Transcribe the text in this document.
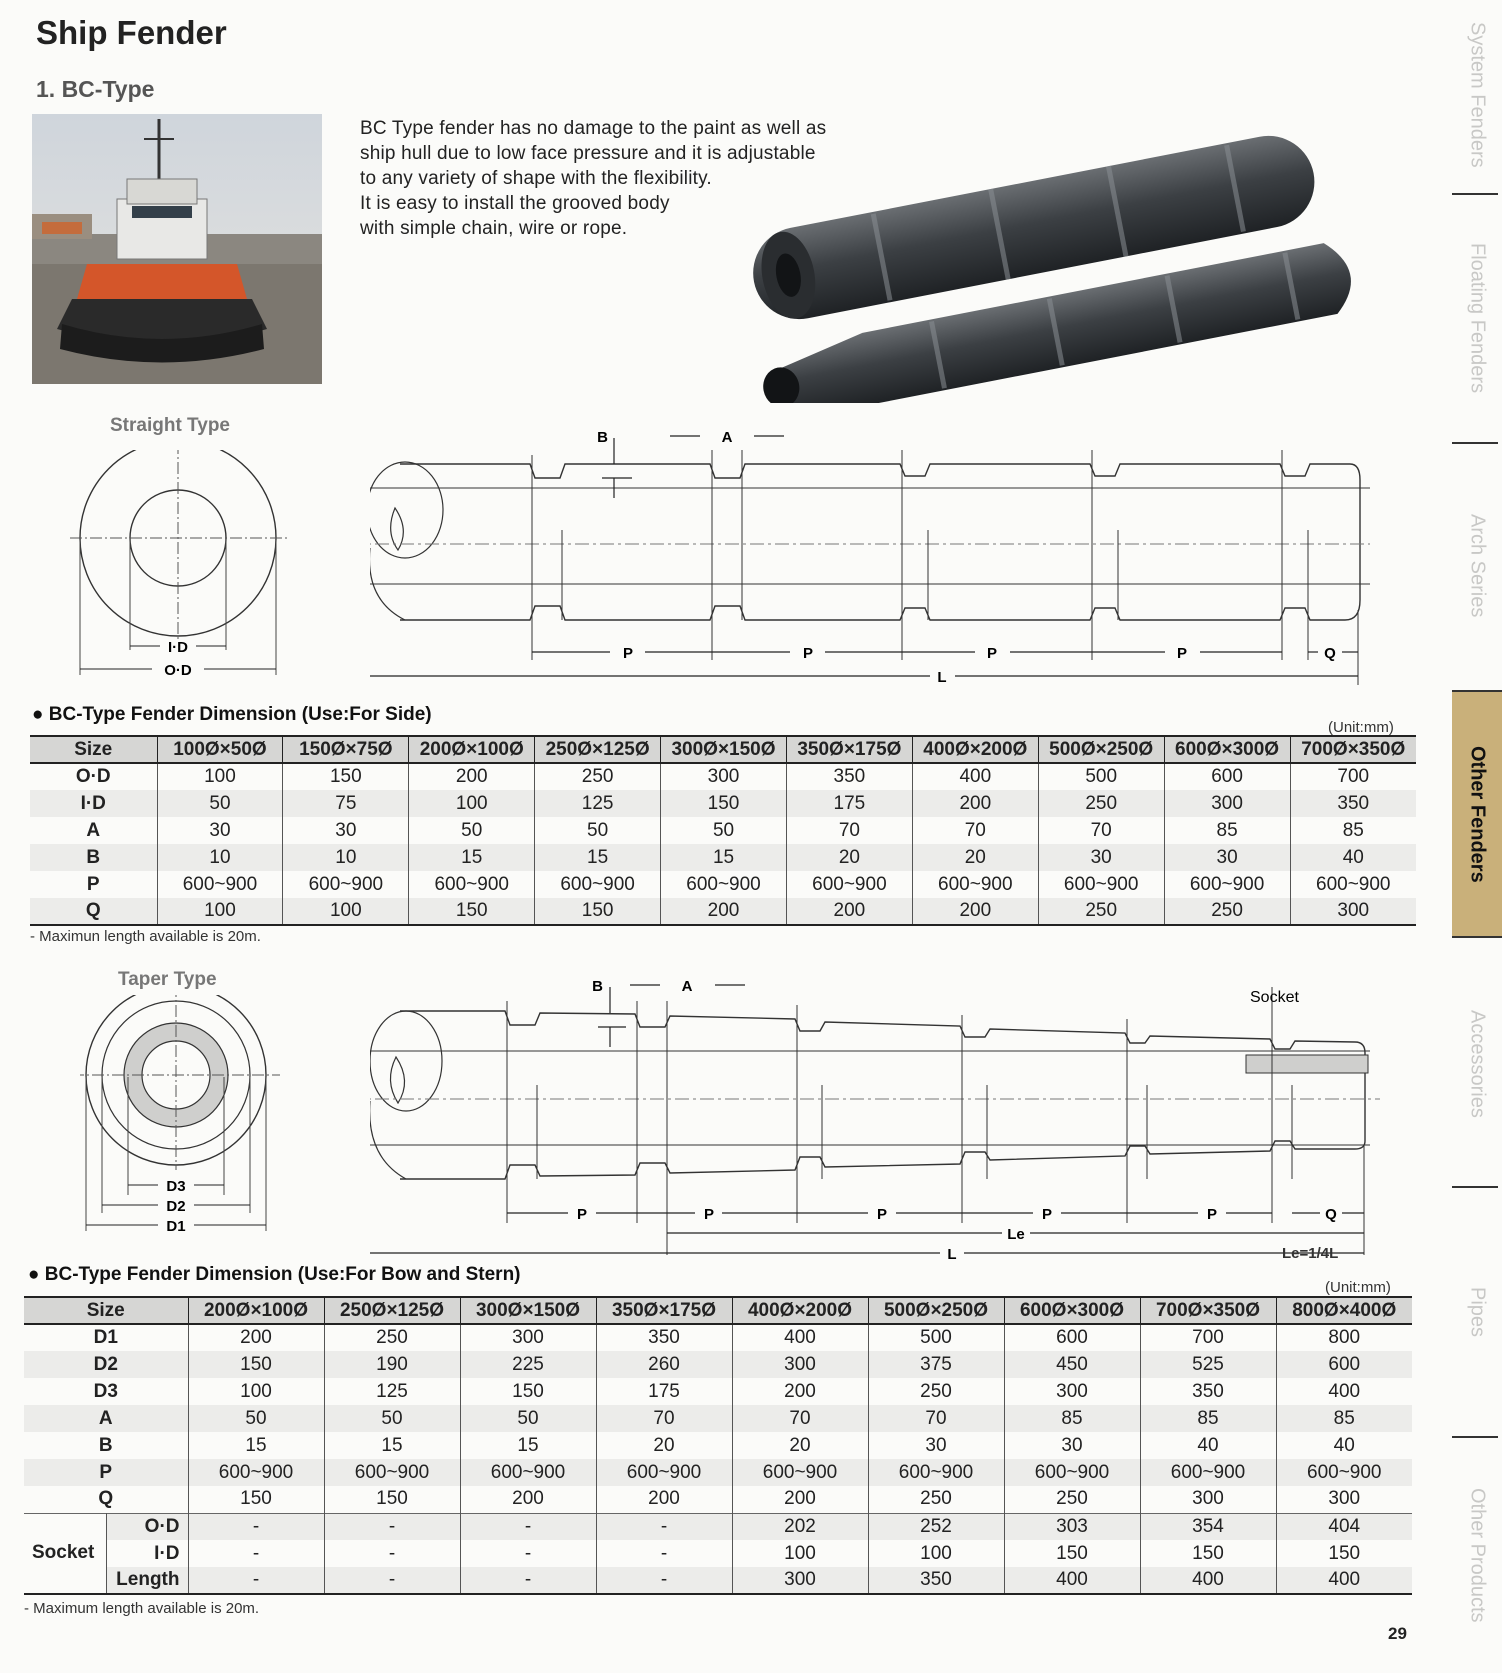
Ship Fender
1. BC-Type

BC Type fender has no damage to the paint as well as

ship hull due to low face pressure and it is adjustable

to any variety of shape with the flexibility.

It is easy to install the grooved body

with simple chain, wire or rope.

Straight Type
I·D
O·D
P	P	P	P	Q
L
A
B
● BC-Type Fender Dimension (Use:For Side)
(Unit:mm)
Size	100Ø×50Ø	150Ø×75Ø	200Ø×100Ø	250Ø×125Ø	300Ø×150Ø	350Ø×175Ø	400Ø×200Ø	500Ø×250Ø	600Ø×300Ø	700Ø×350Ø
O·D	100	150	200	250	300	350	400	500	600	700
I·D	50	75	100	125	150	175	200	250	300	350
A	30	30	50	50	50	70	70	70	85	85
B	10	10	15	15	15	20	20	30	30	40
P	600~900	600~900	600~900	600~900	600~900	600~900	600~900	600~900	600~900	600~900
Q	100	100	150	150	200	200	200	250	250	300
- Maximun length available is 20m.
Taper Type
D3
D2
D1
P	P	P	P	P	Q
Le
L
A
B
Socket
Le=1/4L
● BC-Type Fender Dimension (Use:For Bow and Stern)
(Unit:mm)
Size		200Ø×100Ø	250Ø×125Ø	300Ø×150Ø	350Ø×175Ø	400Ø×200Ø	500Ø×250Ø	600Ø×300Ø	700Ø×350Ø	800Ø×400Ø
D1		200	250	300	350	400	500	600	700	800
D2		150	190	225	260	300	375	450	525	600
D3		100	125	150	175	200	250	300	350	400
A		50	50	50	70	70	70	85	85	85
B		15	15	15	20	20	30	30	40	40
P		600~900	600~900	600~900	600~900	600~900	600~900	600~900	600~900	600~900
Q		150	150	200	200	200	250	250	300	300
Socket	O·D	-	-	-	-	202	252	303	354	404
	I·D	-	-	-	-	100	100	150	150	150
	Length	-	-	-	-	300	350	400	400	400
- Maximum length available is 20m.
System Fenders
Floating Fenders
Arch Series
Other Fenders
Accessories
Pipes
Other Products
29
